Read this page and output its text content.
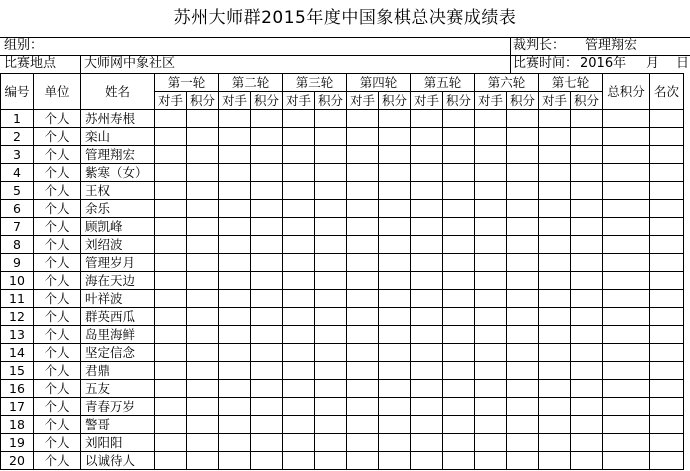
苏州大师群2015年度中国象棋总决赛成绩表
组别：	裁判长： 管理翔宏
比赛地点 大师网中象社区	比赛时间： 2016年 月 日
编号	单位	姓名	第一轮		第二轮		第三轮		第四轮		第五轮		第六轮		第七轮		总积分	名次
			对手	积分	对手	积分	对手	积分	对手	积分	对手	积分	对手	积分	对手	积分		
1	个人	苏州寿根																
2	个人	栾山																
3	个人	管理翔宏																
4	个人	紫寒（女）																
5	个人	王权																
6	个人	余乐																
7	个人	顾凯峰																
8	个人	刘绍波																
9	个人	管理岁月																
10	个人	海在天边																
11	个人	叶祥波																
12	个人	群英西瓜																
13	个人	岛里海鲜																
14	个人	坚定信念																
15	个人	君鼎																
16	个人	五友																
17	个人	青春万岁																
18	个人	警哥																
19	个人	刘阳阳																
20	个人	以诚待人																
